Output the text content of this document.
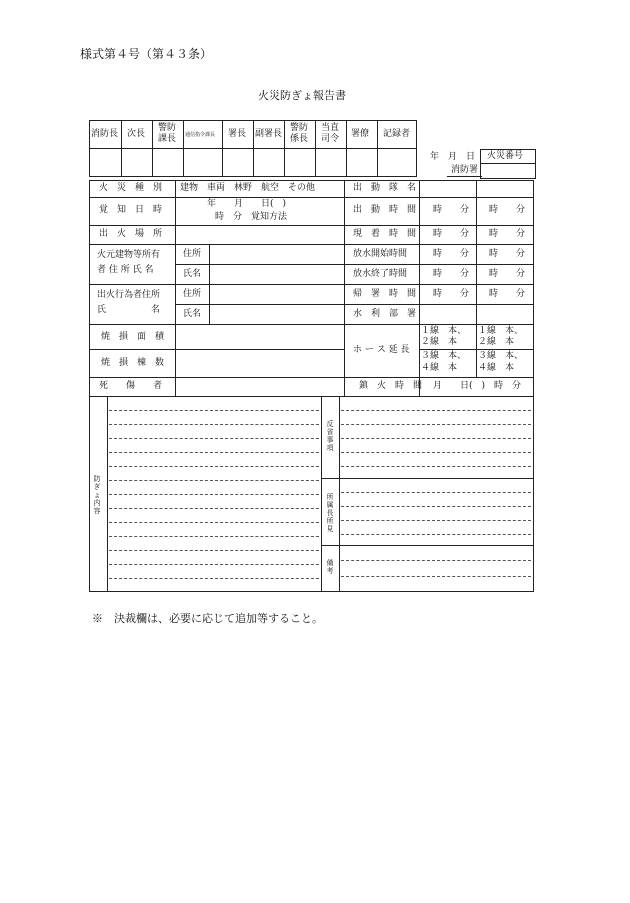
様式第４号（第４３条）
火災防ぎょ報告書
消防長 次長
警防課長 通信指令課長 署長 副署長
警防係長
当直司令 署僚 記録者
年　月　日
消防署
火災番号
火　災　種　別 建物　車両　林野　航空　その他
覚　知　日　時
年　　月　　日(　)
時　分　覚知方法
出　火　場　所
火元建物等所有
者 住 所 氏 名
住所
氏名
出火行為者住所
氏　　　　　名
住所
氏名
焼　損　面　積
焼　損　棟　数
死　　傷　　者
出　動　隊　名
出　動　時　間
現　着　時　間
放水開始時間
放水終了時間
帰　署　時　間
水　利　部　署
ホ ー ス 延 長
鎮　火　時　間
時　　分 時　　分
時　　分 時　　分
時　　分 時　　分
時　　分 時　　分
時　　分 時　　分
１線　本、
２線　本
３線　本、
４線　本
１線　本、
２線　本
３線　本、
４線　本
月　　日(　)　時　分
防ぎょ内容
反省事項
所属長所見
備考
※　決裁欄は、必要に応じて追加等すること。
